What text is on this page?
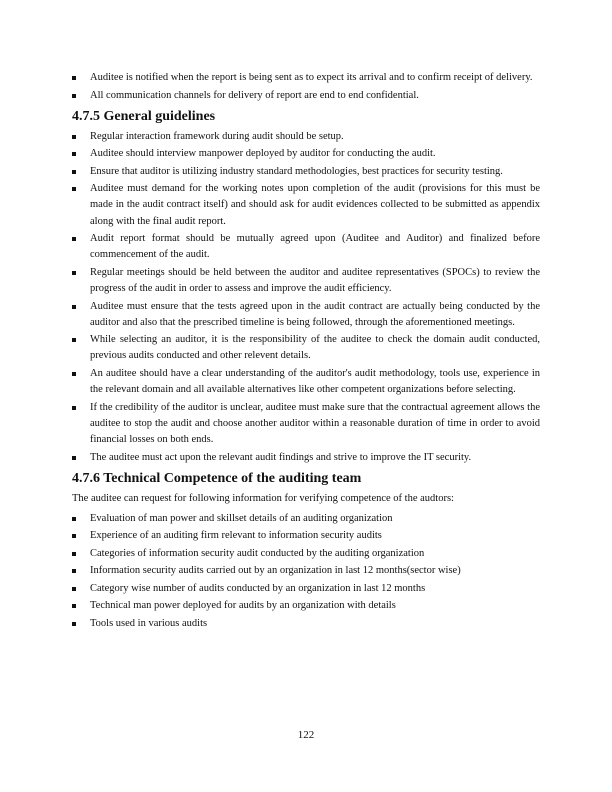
Auditee is notified when the report is being sent as to expect its arrival and to confirm receipt of delivery.
All communication channels for delivery of report are end to end confidential.
4.7.5 General guidelines
Regular interaction framework during audit should be setup.
Auditee should interview manpower deployed by auditor for conducting the audit.
Ensure that auditor is utilizing industry standard methodologies, best practices for security testing.
Auditee must demand for the working notes upon completion of the audit (provisions for this must be made in the audit contract itself) and should ask for audit evidences collected to be submitted as appendix along with the final audit report.
Audit report format should be mutually agreed upon (Auditee and Auditor) and finalized before commencement of the audit.
Regular meetings should be held between the auditor and auditee representatives (SPOCs) to review the progress of the audit in order to assess and improve the audit efficiency.
Auditee must ensure that the tests agreed upon in the audit contract are actually being conducted by the auditor and also that the prescribed timeline is being followed, through the aforementioned meetings.
While selecting an auditor, it is the responsibility of the auditee to check the domain audit conducted, previous audits conducted and other relevent details.
An auditee should have a clear understanding of the auditor's audit methodology, tools use, experience in the relevant domain and all available alternatives like other competent organizations before selecting.
If the credibility of the auditor is unclear, auditee must make sure that the contractual agreement allows the auditee to stop the audit and choose another auditor within a reasonable duration of time in order to avoid financial losses on both ends.
The auditee must act upon the relevant audit findings and strive to improve the IT security.
4.7.6 Technical Competence of the auditing team

The auditee can request for following information for verifying competence of the audtors:

Evaluation of man power and skillset details of an auditing organization
Experience of an auditing firm relevant to information security audits
Categories of information security audit conducted by the auditing organization
Information security audits carried out by an organization in last 12 months(sector wise)
Category wise number of audits conducted by an organization in last 12 months
Technical man power deployed for audits by an organization with details
Tools used in various audits
122
